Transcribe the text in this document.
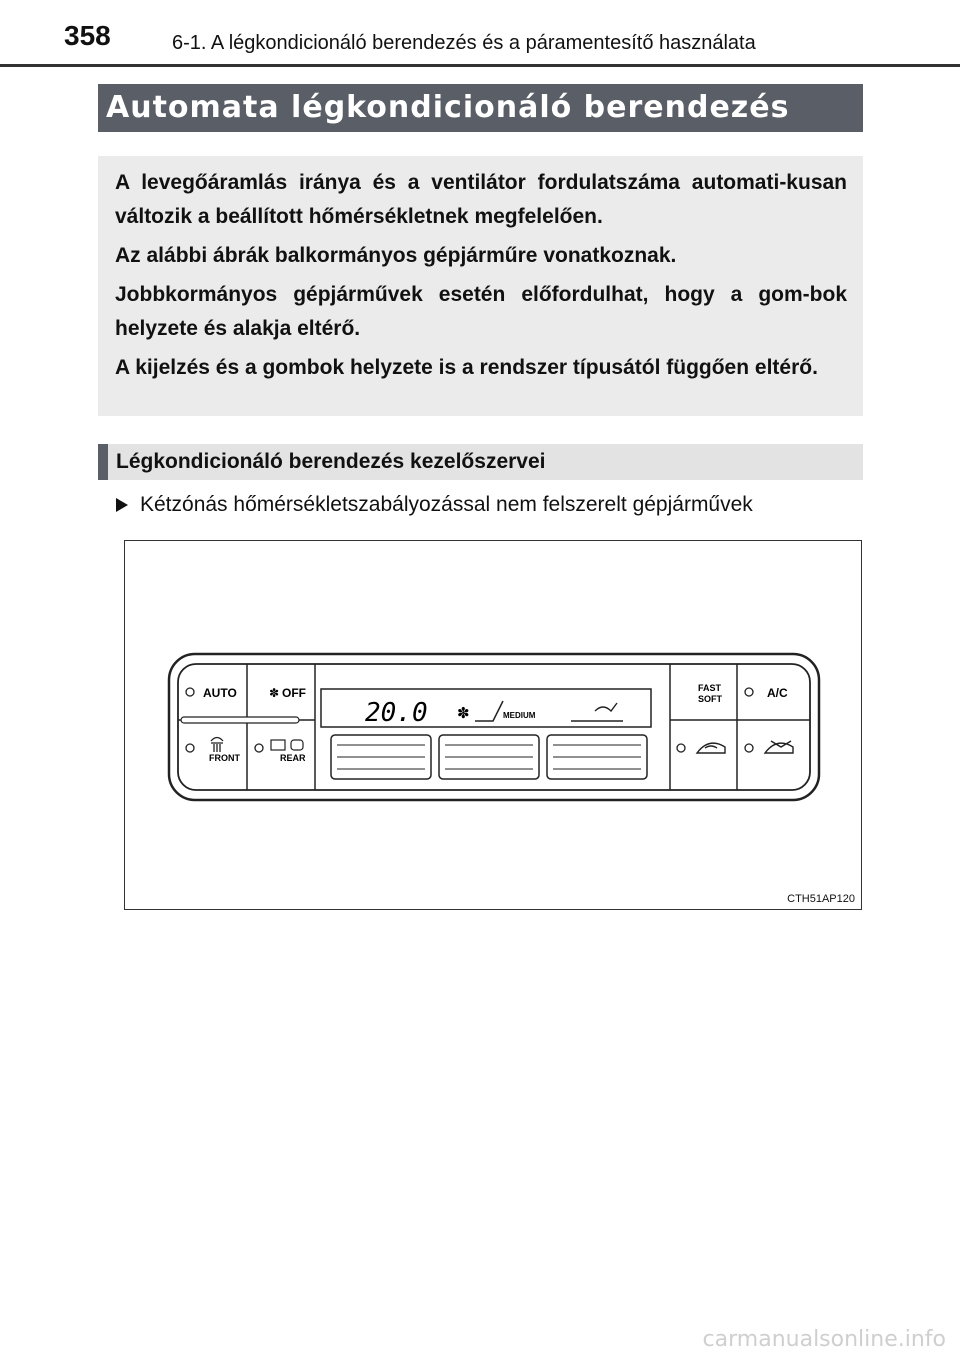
358	6-1. A légkondicionáló berendezés és a páramentesítő használata
Automata légkondicionáló berendezés

A levegőáramlás iránya és a ventilátor fordulatszáma automati-kusan változik a beállított hőmérsékletnek megfelelően.

Az alábbi ábrák balkormányos gépjárműre vonatkoznak.

Jobbkormányos gépjárművek esetén előfordulhat, hogy a gom-bok helyzete és alakja eltérő.

A kijelzés és a gombok helyzete is a rendszer típusától függően eltérő.

Légkondicionáló berendezés kezelőszervei
Kétzónás hőmérsékletszabályozással nem felszerelt gépjárművek
AUTO	✽ OFF
FRONT	REAR
20.0 ✽	MEDIUM
FAST
SOFT	A/C
CTH51AP120
carmanualsonline.info
